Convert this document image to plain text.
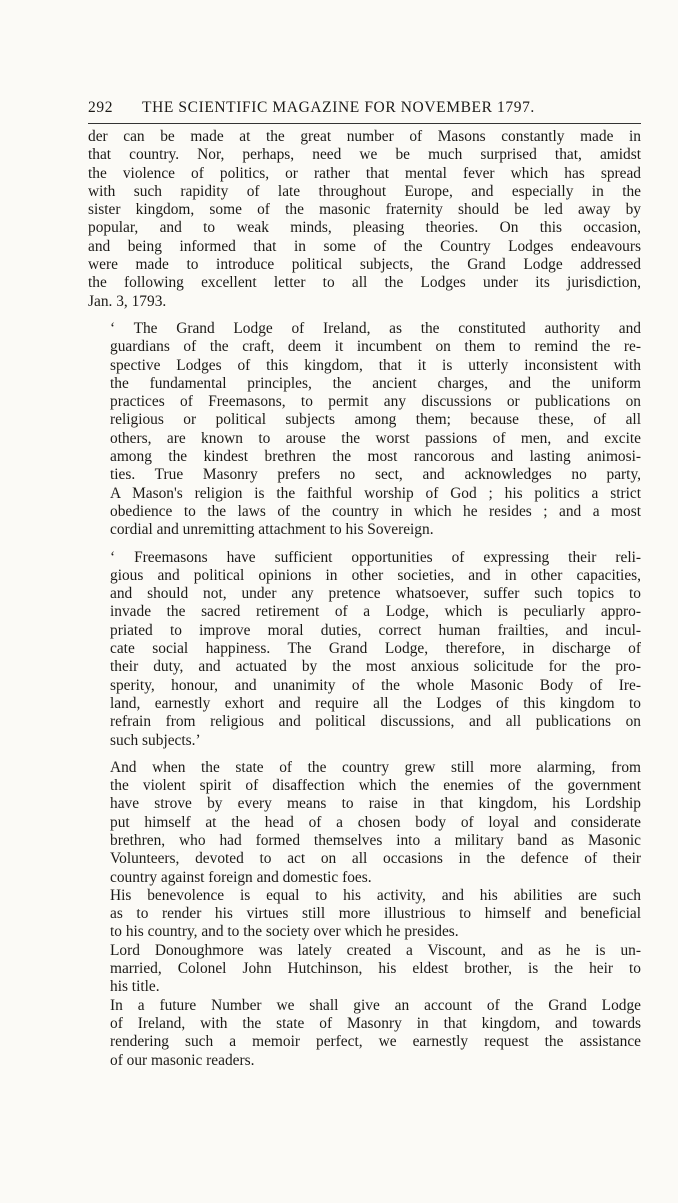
292 THE SCIENTIFIC MAGAZINE FOR NOVEMBER 1797.

der can be made at the great number of Masons constantly made in
that country. Nor, perhaps, need we be much surprised that, amidst
the violence of politics, or rather that mental fever which has spread
with such rapidity of late throughout Europe, and especially in the
sister kingdom, some of the masonic fraternity should be led away by
popular, and to weak minds, pleasing theories. On this occasion,
and being informed that in some of the Country Lodges endeavours
were made to introduce political subjects, the Grand Lodge addressed
the following excellent letter to all the Lodges under its jurisdiction,
Jan. 3, 1793.

‘ The Grand Lodge of Ireland, as the constituted authority and
guardians of the craft, deem it incumbent on them to remind the re-
spective Lodges of this kingdom, that it is utterly inconsistent with
the fundamental principles, the ancient charges, and the uniform
practices of Freemasons, to permit any discussions or publications on
religious or political subjects among them; because these, of all
others, are known to arouse the worst passions of men, and excite
among the kindest brethren the most rancorous and lasting animosi-
ties. True Masonry prefers no sect, and acknowledges no party,
A Mason's religion is the faithful worship of God ; his politics a strict
obedience to the laws of the country in which he resides ; and a most
cordial and unremitting attachment to his Sovereign.

‘ Freemasons have sufficient opportunities of expressing their reli-
gious and political opinions in other societies, and in other capacities,
and should not, under any pretence whatsoever, suffer such topics to
invade the sacred retirement of a Lodge, which is peculiarly appro-
priated to improve moral duties, correct human frailties, and incul-
cate social happiness. The Grand Lodge, therefore, in discharge of
their duty, and actuated by the most anxious solicitude for the pro-
sperity, honour, and unanimity of the whole Masonic Body of Ire-
land, earnestly exhort and require all the Lodges of this kingdom to
refrain from religious and political discussions, and all publications on
such subjects.’

And when the state of the country grew still more alarming, from
the violent spirit of disaffection which the enemies of the government
have strove by every means to raise in that kingdom, his Lordship
put himself at the head of a chosen body of loyal and considerate
brethren, who had formed themselves into a military band as Masonic
Volunteers, devoted to act on all occasions in the defence of their
country against foreign and domestic foes.

His benevolence is equal to his activity, and his abilities are such
as to render his virtues still more illustrious to himself and beneficial
to his country, and to the society over which he presides.

Lord Donoughmore was lately created a Viscount, and as he is un-
married, Colonel John Hutchinson, his eldest brother, is the heir to
his title.

In a future Number we shall give an account of the Grand Lodge
of Ireland, with the state of Masonry in that kingdom, and towards
rendering such a memoir perfect, we earnestly request the assistance
of our masonic readers.
